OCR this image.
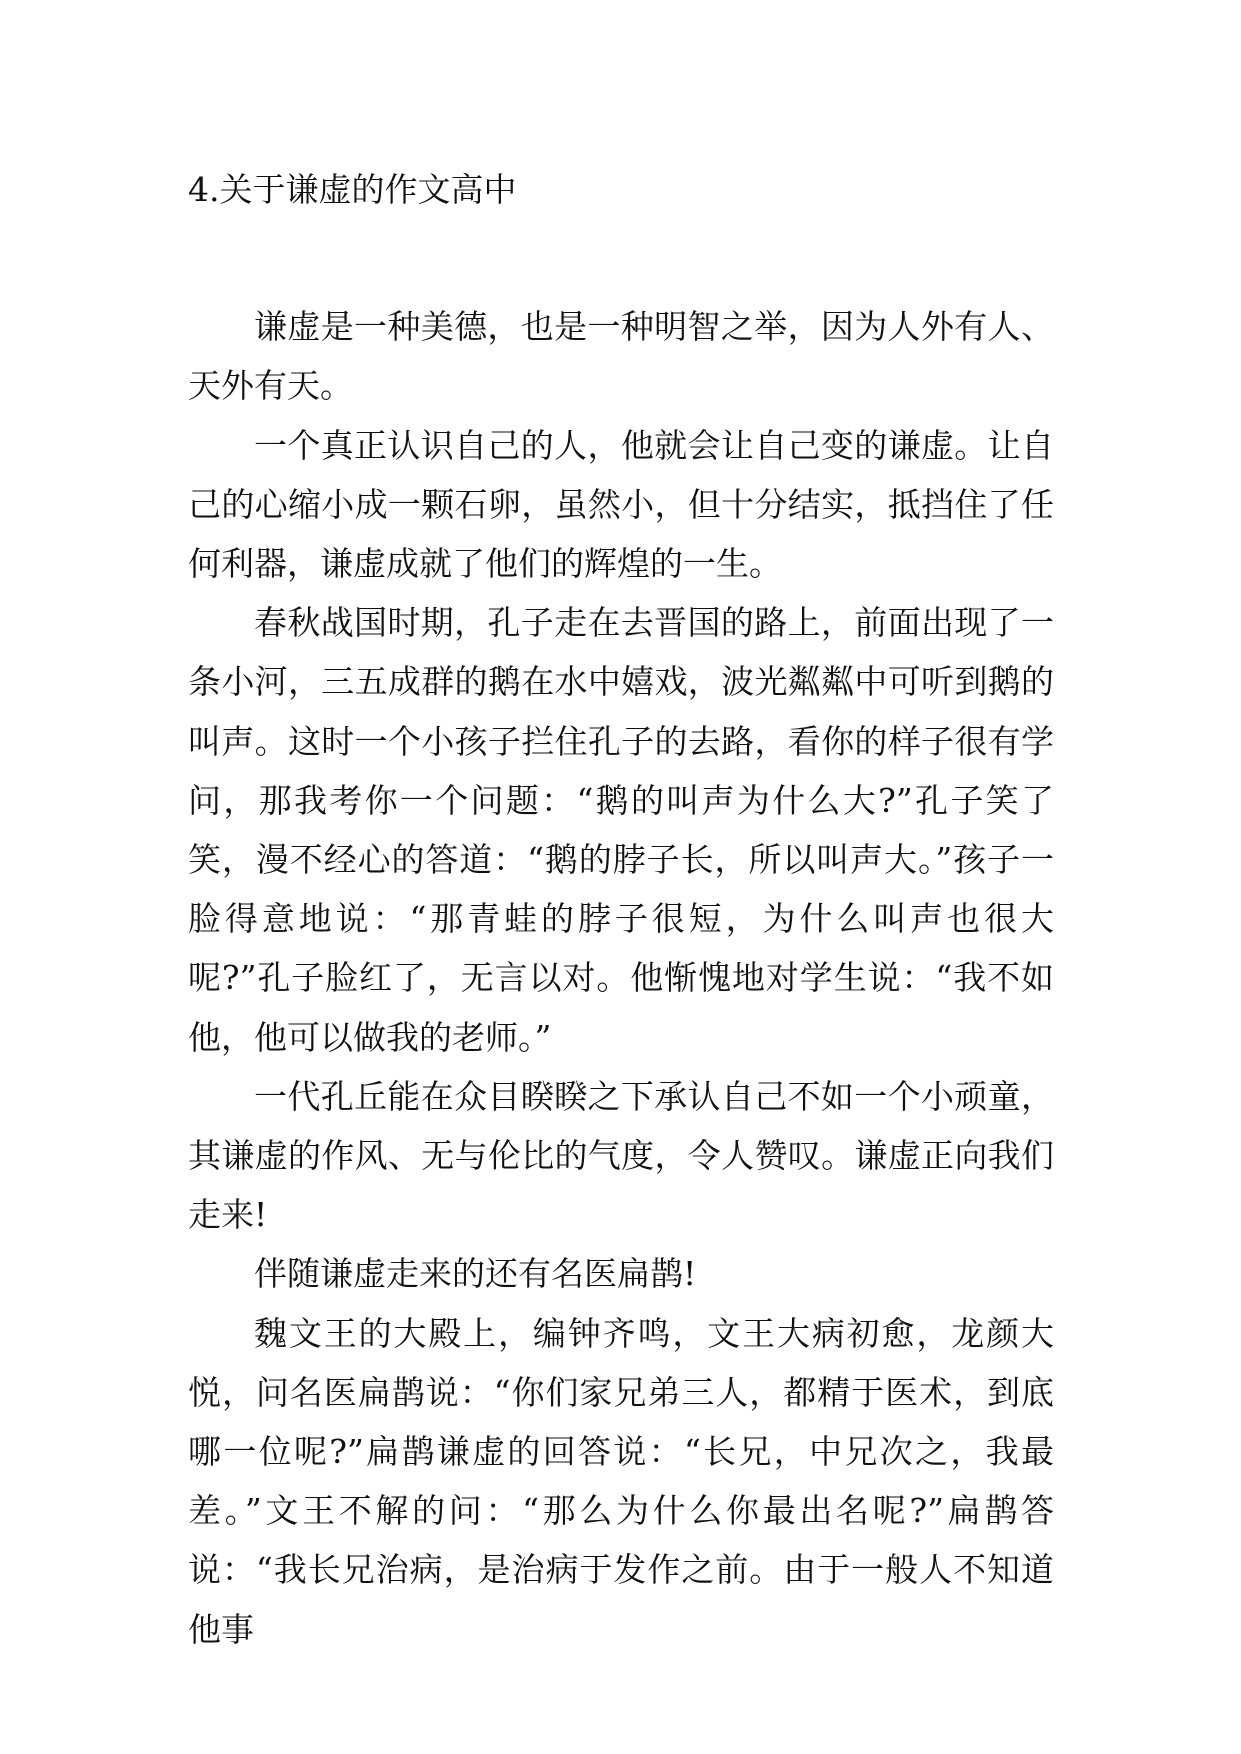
4.关于谦虚的作文高中

谦虚是一种美德，也是一种明智之举，因为人外有人、天外有天。

一个真正认识自己的人，他就会让自己变的谦虚。让自己的心缩小成一颗石卵，虽然小，但十分结实，抵挡住了任何利器，谦虚成就了他们的辉煌的一生。

春秋战国时期，孔子走在去晋国的路上，前面出现了一条小河，三五成群的鹅在水中嬉戏，波光粼粼中可听到鹅的叫声。这时一个小孩子拦住孔子的去路，看你的样子很有学问，那我考你一个问题：“鹅的叫声为什么大?”孔子笑了笑，漫不经心的答道：“鹅的脖子长，所以叫声大。”孩子一脸得意地说：“那青蛙的脖子很短，为什么叫声也很大呢?”孔子脸红了，无言以对。他惭愧地对学生说：“我不如他，他可以做我的老师。”

一代孔丘能在众目睽睽之下承认自己不如一个小顽童，其谦虚的作风、无与伦比的气度，令人赞叹。谦虚正向我们走来!

伴随谦虚走来的还有名医扁鹊!

魏文王的大殿上，编钟齐鸣，文王大病初愈，龙颜大悦，问名医扁鹊说：“你们家兄弟三人，都精于医术，到底哪一位呢?”扁鹊谦虚的回答说：“长兄，中兄次之，我最差。”文王不解的问：“那么为什么你最出名呢?”扁鹊答说：“我长兄治病，是治病于发作之前。由于一般人不知道他事
